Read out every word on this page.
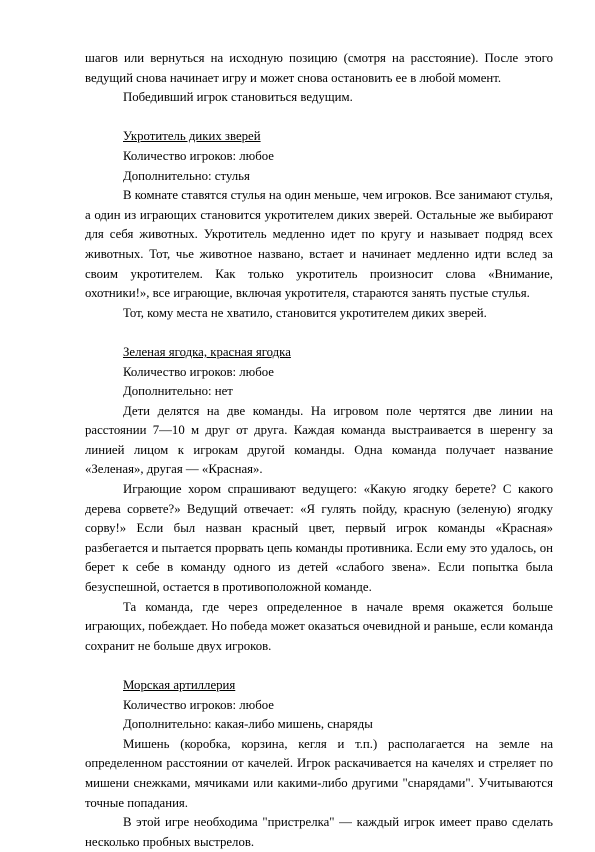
шагов или вернуться на исходную позицию (смотря на расстояние). После этого ведущий снова начинает игру и может снова остановить ее в любой момент.

Победивший игрок становиться ведущим.

Укротитель диких зверей

Количество игроков: любое

Дополнительно: стулья

В комнате ставятся стулья на один меньше, чем игроков. Все занимают стулья, а один из играющих становится укротителем диких зверей. Остальные же выбирают для себя животных. Укротитель медленно идет по кругу и называет подряд всех животных. Тот, чье животное названо, встает и начинает медленно идти вслед за своим укротителем. Как только укротитель произносит слова «Внимание, охотники!», все играющие, включая укротителя, стараются занять пустые стулья.

Тот, кому места не хватило, становится укротителем диких зверей.

Зеленая ягодка, красная ягодка

Количество игроков: любое

Дополнительно: нет

Дети делятся на две команды. На игровом поле чертятся две линии на расстоянии 7—10 м друг от друга. Каждая команда выстраивается в шеренгу за линией лицом к игрокам другой команды. Одна команда получает название «Зеленая», другая — «Красная».

Играющие хором спрашивают ведущего: «Какую ягодку берете? С какого дерева сорвете?» Ведущий отвечает: «Я гулять пойду, красную (зеленую) ягодку сорву!» Если был назван красный цвет, первый игрок команды «Красная» разбегается и пытается прорвать цепь команды противника. Если ему это удалось, он берет к себе в команду одного из детей «слабого звена». Если попытка была безуспешной, остается в противоположной команде.

Та команда, где через определенное в начале время окажется больше играющих, побеждает. Но победа может оказаться очевидной и раньше, если команда сохранит не больше двух игроков.

Морская артиллерия

Количество игроков: любое

Дополнительно: какая-либо мишень, снаряды

Мишень (коробка, корзина, кегля и т.п.) располагается на земле на определенном расстоянии от качелей. Игрок раскачивается на качелях и стреляет по мишени снежками, мячиками или какими-либо другими "снарядами". Учитываются точные попадания.

В этой игре необходима "пристрелка" — каждый игрок имеет право сделать несколько пробных выстрелов.
